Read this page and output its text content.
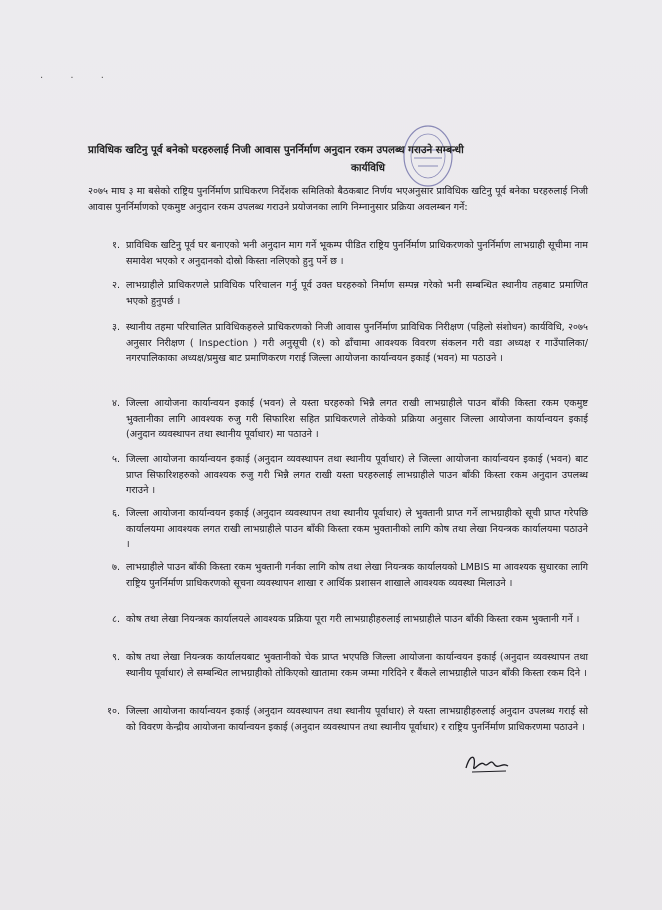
. . .
प्राविधिक खटिनु पूर्व बनेको घरहरुलाई निजी आवास पुनर्निर्माण अनुदान रकम उपलब्ध गराउने सम्बन्धी
कार्यविधि
२०७५ माघ ३ मा बसेको राष्ट्रिय पुनर्निर्माण प्राधिकरण निर्देशक समितिको बैठकबाट निर्णय भएअनुसार प्राविधिक खटिनु पूर्व बनेका घरहरुलाई निजी आवास पुनर्निर्माणको एकमुष्ट अनुदान रकम उपलब्ध गराउने प्रयोजनका लागि निम्नानुसार प्रक्रिया अवलम्बन गर्ने:
१. प्राविधिक खटिनु पूर्व घर बनाएको भनी अनुदान माग गर्ने भूकम्प पीडित राष्ट्रिय पुनर्निर्माण प्राधिकरणको पुनर्निर्माण लाभग्राही सूचीमा नाम समावेश भएको र अनुदानको दोस्रो किस्ता नलिएको हुनु पर्ने छ ।
२. लाभग्राहीले प्राधिकरणले प्राविधिक परिचालन गर्नु पूर्व उक्त घरहरुको निर्माण सम्पन्न गरेको भनी सम्बन्धित स्थानीय तहबाट प्रमाणित भएको हुनुपर्छ ।
३. स्थानीय तहमा परिचालित प्राविधिकहरुले प्राधिकरणको निजी आवास पुनर्निर्माण प्राविधिक निरीक्षण (पहिलो संशोधन) कार्यविधि, २०७५ अनुसार निरीक्षण ( Inspection ) गरी अनुसूची (१) को ढाँचामा आवश्यक विवरण संकलन गरी वडा अध्यक्ष र गाउँपालिका/ नगरपालिकाका अध्यक्ष/प्रमुख बाट प्रमाणिकरण गराई जिल्ला आयोजना कार्यान्वयन इकाई (भवन) मा पठाउने ।
४. जिल्ला आयोजना कार्यान्वयन इकाई (भवन) ले यस्ता घरहरुको भिन्नै लगत राखी लाभग्राहीले पाउन बाँकी किस्ता रकम एकमुष्ट भुक्तानीका लागि आवश्यक रुजु गरी सिफारिश सहित प्राधिकरणले तोकेको प्रक्रिया अनुसार जिल्ला आयोजना कार्यान्वयन इकाई (अनुदान व्यवस्थापन तथा स्थानीय पूर्वाधार) मा पठाउने ।
५. जिल्ला आयोजना कार्यान्वयन इकाई (अनुदान व्यवस्थापन तथा स्थानीय पूर्वाधार) ले जिल्ला आयोजना कार्यान्वयन इकाई (भवन) बाट प्राप्त सिफारिशहरुको आवश्यक रुजु गरी भिन्नै लगत राखी यस्ता घरहरुलाई लाभग्राहीले पाउन बाँकी किस्ता रकम अनुदान उपलब्ध गराउने ।
६. जिल्ला आयोजना कार्यान्वयन इकाई (अनुदान व्यवस्थापन तथा स्थानीय पूर्वाधार) ले भुक्तानी प्राप्त गर्ने लाभग्राहीको सूची प्राप्त गरेपछि कार्यालयमा आवश्यक लगत राखी लाभग्राहीले पाउन बाँकी किस्ता रकम भुक्तानीको लागि कोष तथा लेखा नियन्त्रक कार्यालयमा पठाउने ।
७. लाभग्राहीले पाउन बाँकी किस्ता रकम भुक्तानी गर्नका लागि कोष तथा लेखा नियन्त्रक कार्यालयको LMBIS मा आवश्यक सुधारका लागि राष्ट्रिय पुनर्निर्माण प्राधिकरणको सूचना व्यवस्थापन शाखा र आर्थिक प्रशासन शाखाले आवश्यक व्यवस्था मिलाउने ।
८. कोष तथा लेखा नियन्त्रक कार्यालयले आवश्यक प्रक्रिया पूरा गरी लाभग्राहीहरुलाई लाभग्राहीले पाउन बाँकी किस्ता रकम भुक्तानी गर्ने ।
९. कोष तथा लेखा नियन्त्रक कार्यालयबाट भुक्तानीको चेक प्राप्त भएपछि जिल्ला आयोजना कार्यान्वयन इकाई (अनुदान व्यवस्थापन तथा स्थानीय पूर्वाधार) ले सम्बन्धित लाभग्राहीको तोकिएको खातामा रकम जम्मा गरिदिने र बैंकले लाभग्राहीले पाउन बाँकी किस्ता रकम दिने ।
१०. जिल्ला आयोजना कार्यान्वयन इकाई (अनुदान व्यवस्थापन तथा स्थानीय पूर्वाधार) ले यस्ता लाभग्राहीहरुलाई अनुदान उपलब्ध गराई सो को विवरण केन्द्रीय आयोजना कार्यान्वयन इकाई (अनुदान व्यवस्थापन तथा स्थानीय पूर्वाधार) र राष्ट्रिय पुनर्निर्माण प्राधिकरणमा पठाउने ।
